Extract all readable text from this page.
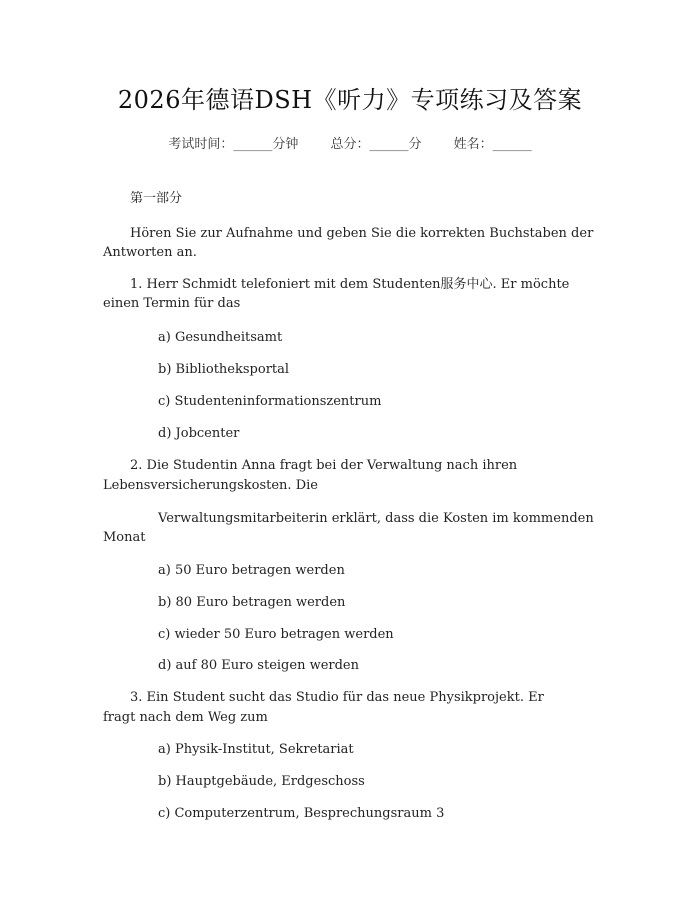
2026年德语DSH《听力》专项练习及答案
考试时间：______分钟 总分：______分 姓名：______
第一部分
Hören Sie zur Aufnahme und geben Sie die korrekten Buchstaben der
Antworten an.
1. Herr Schmidt telefoniert mit dem Studenten服务中心. Er möchte
einen Termin für das
a) Gesundheitsamt
b) Bibliotheksportal
c) Studenteninformationszentrum
d) Jobcenter
2. Die Studentin Anna fragt bei der Verwaltung nach ihren
Lebensversicherungskosten. Die
Verwaltungsmitarbeiterin erklärt, dass die Kosten im kommenden
Monat
a) 50 Euro betragen werden
b) 80 Euro betragen werden
c) wieder 50 Euro betragen werden
d) auf 80 Euro steigen werden
3. Ein Student sucht das Studio für das neue Physikprojekt. Er
fragt nach dem Weg zum
a) Physik-Institut, Sekretariat
b) Hauptgebäude, Erdgeschoss
c) Computerzentrum, Besprechungsraum 3
